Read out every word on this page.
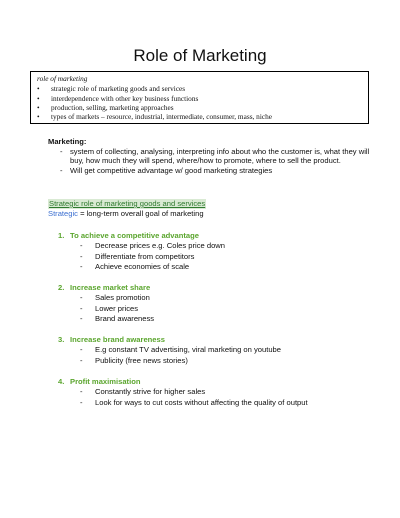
Role of Marketing
role of marketing
• strategic role of marketing goods and services
• interdependence with other key business functions
• production, selling, marketing approaches
• types of markets – resource, industrial, intermediate, consumer, mass, niche
Marketing:
- system of collecting, analysing, interpreting info about who the customer is, what they will buy, how much they will spend, where/how to promote, where to sell the product.
- Will get competitive advantage w/ good marketing strategies
Strategic role of marketing goods and services
Strategic = long-term overall goal of marketing
1. To achieve a competitive advantage
- Decrease prices e.g. Coles price down
- Differentiate from competitors
- Achieve economies of scale
2. Increase market share
- Sales promotion
- Lower prices
- Brand awareness
3. Increase brand awareness
- E.g constant TV advertising, viral marketing on youtube
- Publicity (free news stories)
4. Profit maximisation
- Constantly strive for higher sales
- Look for ways to cut costs without affecting the quality of output
